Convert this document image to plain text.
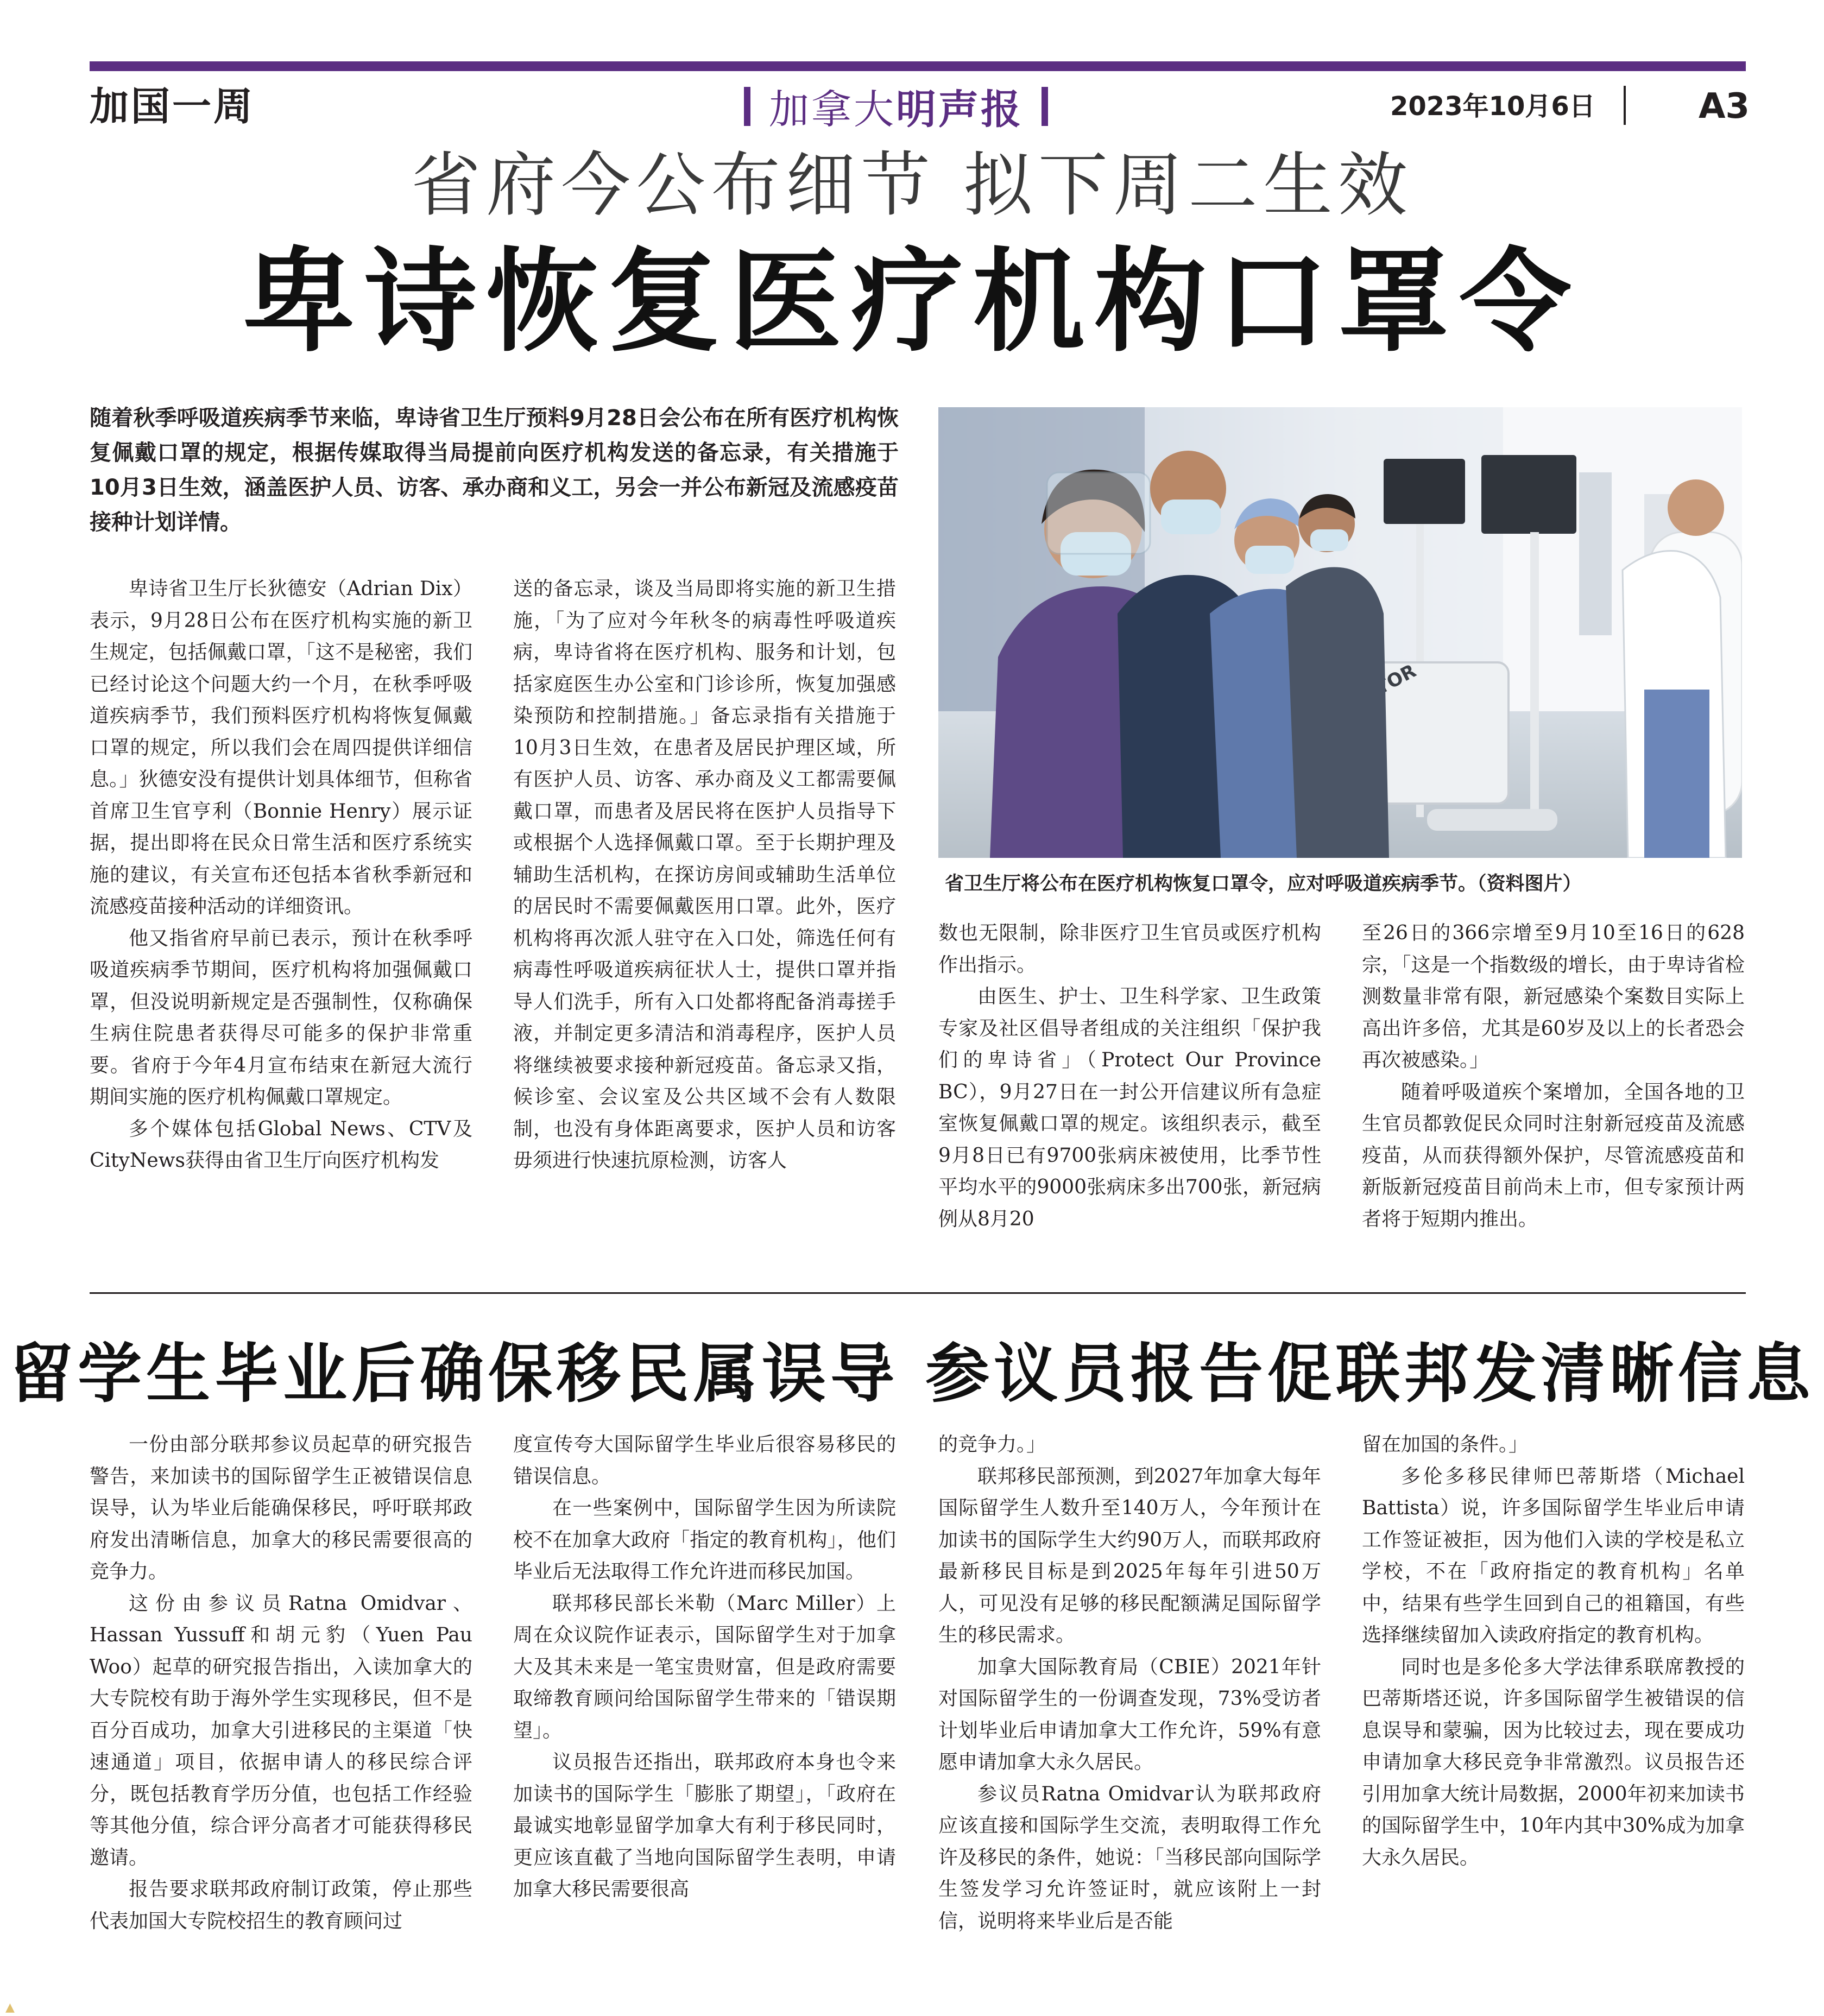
加国一周	加拿大明声报	2023年10月6日	A3
省府今公布细节 拟下周二生效
卑诗恢复医疗机构口罩令
随着秋季呼吸道疾病季节来临，卑诗省卫生厅预料9月28日会公布在所有医疗机构恢复佩戴口罩的规定，根据传媒取得当局提前向医疗机构发送的备忘录，有关措施于10月3日生效，涵盖医护人员、访客、承办商和义工，另会一并公布新冠及流感疫苗接种计划详情。

卑诗省卫生厅长狄德安（Adrian Dix）表示，9月28日公布在医疗机构实施的新卫生规定，包括佩戴口罩，「这不是秘密，我们已经讨论这个问题大约一个月，在秋季呼吸道疾病季节，我们预料医疗机构将恢复佩戴口罩的规定，所以我们会在周四提供详细信息。」狄德安没有提供计划具体细节，但称省首席卫生官亨利（Bonnie Henry）展示证据，提出即将在民众日常生活和医疗系统实施的建议，有关宣布还包括本省秋季新冠和流感疫苗接种活动的详细资讯。

他又指省府早前已表示，预计在秋季呼吸道疾病季节期间，医疗机构将加强佩戴口罩，但没说明新规定是否强制性，仅称确保生病住院患者获得尽可能多的保护非常重要。省府于今年4月宣布结束在新冠大流行期间实施的医疗机构佩戴口罩规定。

多个媒体包括Global News、CTV及CityNews获得由省卫生厅向医疗机构发

送的备忘录，谈及当局即将实施的新卫生措施，「为了应对今年秋冬的病毒性呼吸道疾病，卑诗省将在医疗机构、服务和计划，包括家庭医生办公室和门诊诊所，恢复加强感染预防和控制措施。」备忘录指有关措施于10月3日生效，在患者及居民护理区域，所有医护人员、访客、承办商及义工都需要佩戴口罩，而患者及居民将在医护人员指导下或根据个人选择佩戴口罩。至于长期护理及辅助生活机构，在探访房间或辅助生活单位的居民时不需要佩戴医用口罩。此外，医疗机构将再次派人驻守在入口处，筛选任何有病毒性呼吸道疾病征状人士，提供口罩并指导人们洗手，所有入口处都将配备消毒搓手液，并制定更多清洁和消毒程序，医护人员将继续被要求接种新冠疫苗。备忘录又指，候诊室、会议室及公共区域不会有人数限制，也没有身体距离要求，医护人员和访客毋须进行快速抗原检测，访客人

省卫生厅将公布在医疗机构恢复口罩令，应对呼吸道疾病季节。（资料图片）

数也无限制，除非医疗卫生官员或医疗机构作出指示。

由医生、护士、卫生科学家、卫生政策专家及社区倡导者组成的关注组织「保护我们的卑诗省」（Protect Our Province BC），9月27日在一封公开信建议所有急症室恢复佩戴口罩的规定。该组织表示，截至9月8日已有9700张病床被使用，比季节性平均水平的9000张病床多出700张，新冠病例从8月20

至26日的366宗增至9月10至16日的628宗，「这是一个指数级的增长，由于卑诗省检测数量非常有限，新冠感染个案数目实际上高出许多倍，尤其是60岁及以上的长者恐会再次被感染。」

随着呼吸道疾个案增加，全国各地的卫生官员都敦促民众同时注射新冠疫苗及流感疫苗，从而获得额外保护，尽管流感疫苗和新版新冠疫苗目前尚未上市，但专家预计两者将于短期内推出。

留学生毕业后确保移民属误导 参议员报告促联邦发清晰信息

一份由部分联邦参议员起草的研究报告警告，来加读书的国际留学生正被错误信息误导，认为毕业后能确保移民，呼吁联邦政府发出清晰信息，加拿大的移民需要很高的竞争力。

这份由参议员Ratna Omidvar、Hassan Yussuff和胡元豹（Yuen Pau Woo）起草的研究报告指出，入读加拿大的大专院校有助于海外学生实现移民，但不是百分百成功，加拿大引进移民的主渠道「快速通道」项目，依据申请人的移民综合评分，既包括教育学历分值，也包括工作经验等其他分值，综合评分高者才可能获得移民邀请。

报告要求联邦政府制订政策，停止那些代表加国大专院校招生的教育顾问过

度宣传夸大国际留学生毕业后很容易移民的错误信息。

在一些案例中，国际留学生因为所读院校不在加拿大政府「指定的教育机构」，他们毕业后无法取得工作允许进而移民加国。

联邦移民部长米勒（Marc Miller）上周在众议院作证表示，国际留学生对于加拿大及其未来是一笔宝贵财富，但是政府需要取缔教育顾问给国际留学生带来的「错误期望」。

议员报告还指出，联邦政府本身也令来加读书的国际学生「膨胀了期望」，「政府在最诚实地彰显留学加拿大有利于移民同时，更应该直截了当地向国际留学生表明，申请加拿大移民需要很高

的竞争力。」

联邦移民部预测，到2027年加拿大每年国际留学生人数升至140万人，今年预计在加读书的国际学生大约90万人，而联邦政府最新移民目标是到2025年每年引进50万人，可见没有足够的移民配额满足国际留学生的移民需求。

加拿大国际教育局（CBIE）2021年针对国际留学生的一份调查发现，73%受访者计划毕业后申请加拿大工作允许，59%有意愿申请加拿大永久居民。

参议员Ratna Omidvar认为联邦政府应该直接和国际学生交流，表明取得工作允许及移民的条件，她说：「当移民部向国际学生签发学习允许签证时，就应该附上一封信，说明将来毕业后是否能

留在加国的条件。」

多伦多移民律师巴蒂斯塔（Michael Battista）说，许多国际留学生毕业后申请工作签证被拒，因为他们入读的学校是私立学校，不在「政府指定的教育机构」名单中，结果有些学生回到自己的祖籍国，有些选择继续留加入读政府指定的教育机构。

同时也是多伦多大学法律系联席教授的巴蒂斯塔还说，许多国际留学生被错误的信息误导和蒙骗，因为比较过去，现在要成功申请加拿大移民竞争非常激烈。议员报告还引用加拿大统计局数据，2000年初来加读书的国际留学生中，10年内其中30%成为加拿大永久居民。

▲
